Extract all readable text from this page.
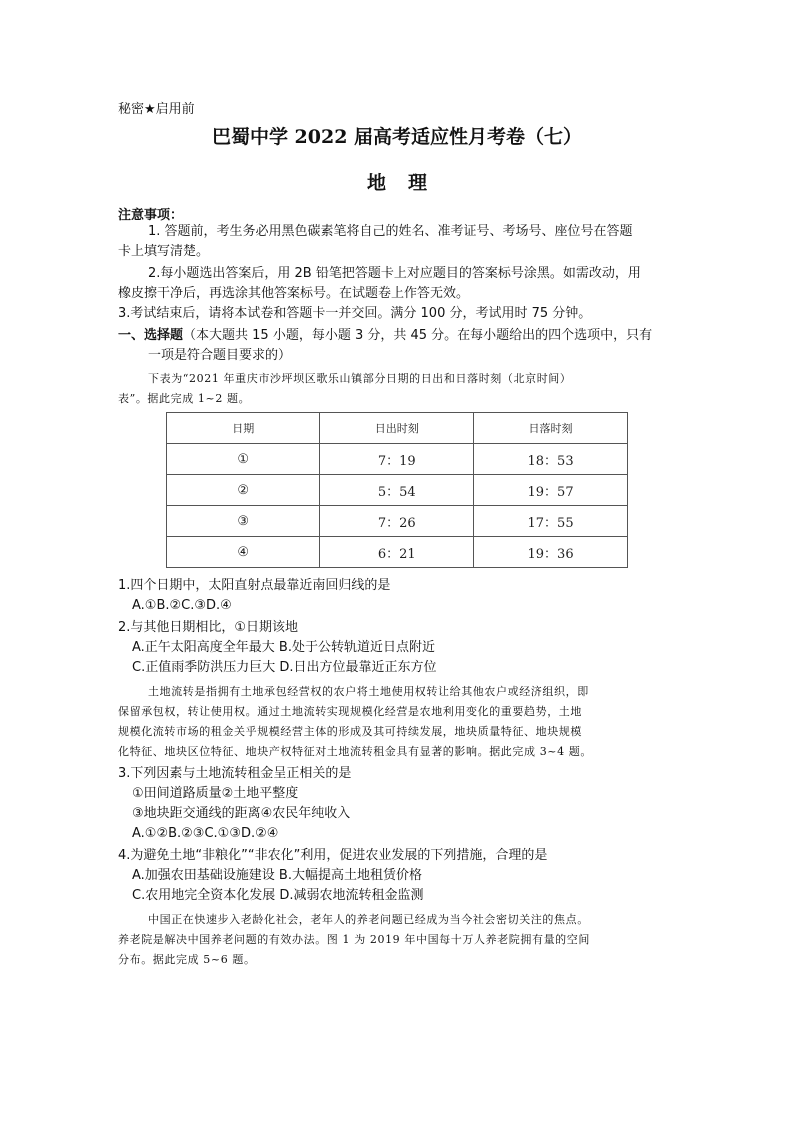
秘密★启用前
巴蜀中学 2022 届高考适应性月考卷（七）
地理
注意事项：
1. 答题前，考生务必用黑色碳素笔将自己的姓名、准考证号、考场号、座位号在答题
卡上填写清楚。
2.每小题选出答案后，用 2B 铅笔把答题卡上对应题目的答案标号涂黑。如需改动，用
橡皮擦干净后，再选涂其他答案标号。在试题卷上作答无效。
3.考试结束后，请将本试卷和答题卡一并交回。满分 100 分，考试用时 75 分钟。
一、选择题（本大题共 15 小题，每小题 3 分，共 45 分。在每小题给出的四个选项中，只有
一项是符合题目要求的）
下表为“2021 年重庆市沙坪坝区歌乐山镇部分日期的日出和日落时刻（北京时间）
表”。据此完成 1~2 题。
日期	日出时刻	日落时刻
①	7：19	18：53
②	5：54	19：57
③	7：26	17：55
④	6：21	19：36
1.四个日期中，太阳直射点最靠近南回归线的是
A.①B.②C.③D.④
2.与其他日期相比，①日期该地
A.正午太阳高度全年最大 B.处于公转轨道近日点附近
C.正值雨季防洪压力巨大 D.日出方位最靠近正东方位
土地流转是指拥有土地承包经营权的农户将土地使用权转让给其他农户或经济组织，即
保留承包权，转让使用权。通过土地流转实现规模化经营是农地利用变化的重要趋势，土地
规模化流转市场的租金关乎规模经营主体的形成及其可持续发展，地块质量特征、地块规模
化特征、地块区位特征、地块产权特征对土地流转租金具有显著的影响。据此完成 3~4 题。
3.下列因素与土地流转租金呈正相关的是
①田间道路质量②土地平整度
③地块距交通线的距离④农民年纯收入
A.①②B.②③C.①③D.②④
4.为避免土地“非粮化”“非农化”利用，促进农业发展的下列措施，合理的是
A.加强农田基础设施建设 B.大幅提高土地租赁价格
C.农用地完全资本化发展 D.减弱农地流转租金监测
中国正在快速步入老龄化社会，老年人的养老问题已经成为当今社会密切关注的焦点。
养老院是解决中国养老问题的有效办法。图 1 为 2019 年中国每十万人养老院拥有量的空间
分布。据此完成 5~6 题。
